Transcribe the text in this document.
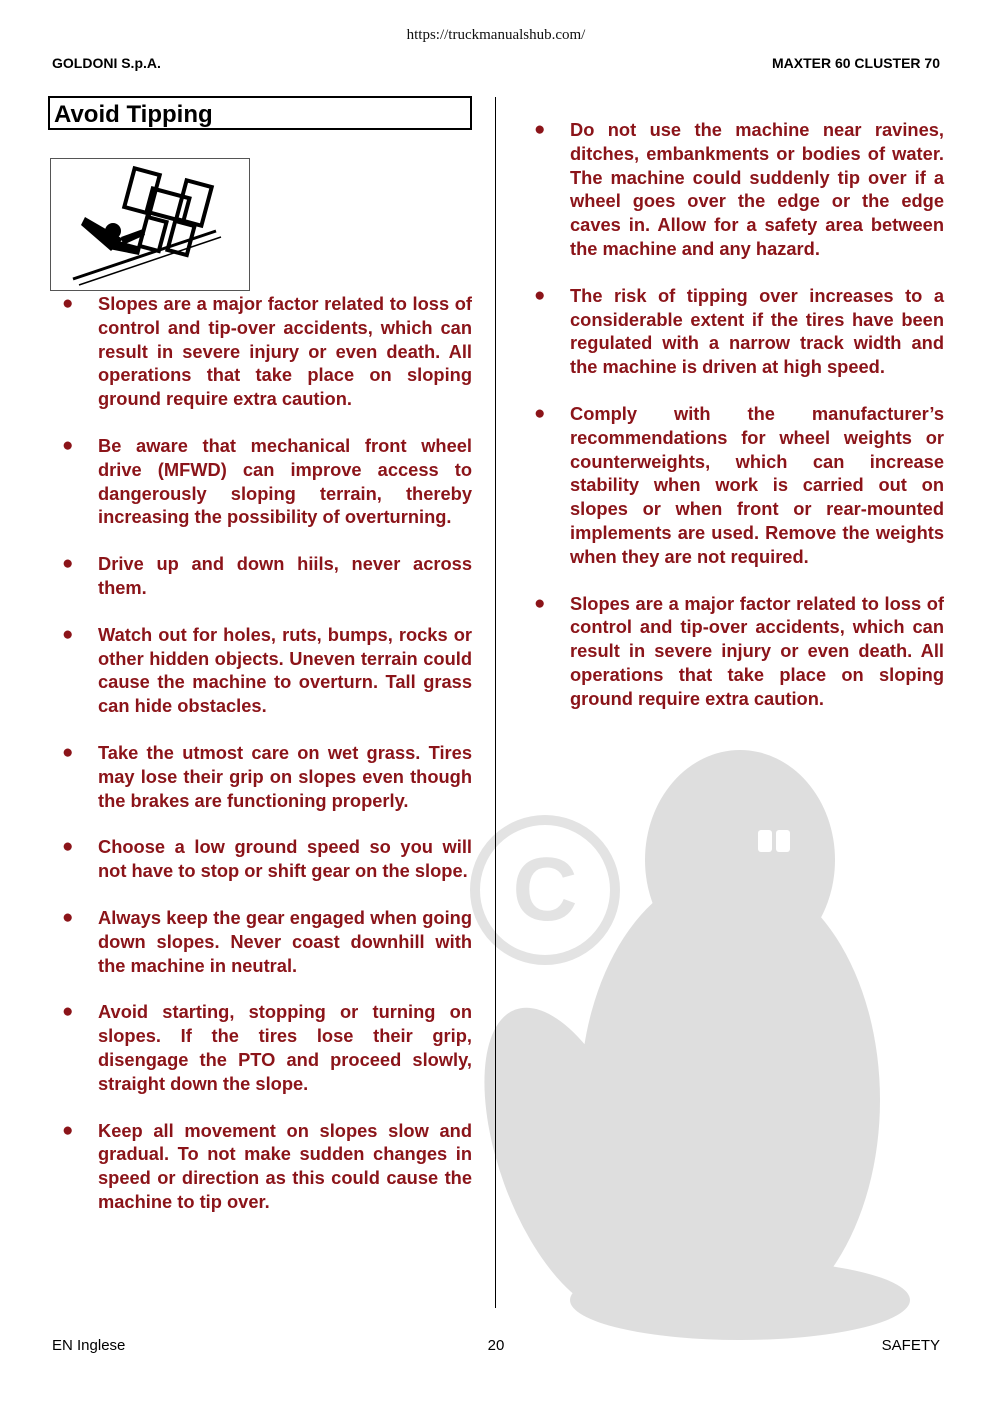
https://truckmanualshub.com/
GOLDONI S.p.A.	MAXTER 60 CLUSTER 70
C
Avoid Tipping
●	Slopes are a major factor related to loss of control and tip-over accidents, which can result in severe injury or even death. All operations that take place on sloping ground require extra caution.
●	Be aware that mechanical front wheel drive (MFWD) can improve access to dangerously sloping terrain, thereby increasing the possibility of overturning.
●	Drive up and down hiils, never across them.
●	Watch out for holes, ruts, bumps, rocks or other hidden objects. Uneven terrain could cause the machine to overturn. Tall grass can hide obstacles.
●	Take the utmost care on wet grass. Tires may lose their grip on slopes even though the brakes are functioning properly.
●	Choose a low ground speed so you will not have to stop or shift gear on the slope.
●	Always keep the gear engaged when going down slopes. Never coast downhill with the machine in neutral.
●	Avoid starting, stopping or turning on slopes. If the tires lose their grip, disengage the PTO and proceed slowly, straight down the slope.
●	Keep all movement on slopes slow and gradual. To not make sudden changes in speed or direction as this could cause the machine to tip over.
●	Do not use the machine near ravines, ditches, embankments or bodies of water. The machine could suddenly tip over if a wheel goes over the edge or the edge caves in. Allow for a safety area between the machine and any hazard.
●	The risk of tipping over increases to a considerable extent if the tires have been regulated with a narrow track width and the machine is driven at high speed.
●	Comply with the manufacturer’s recommendations for wheel weights or counterweights, which can increase stability when work is carried out on slopes or when front or rear-mounted implements are used. Remove the weights when they are not required.
●	Slopes are a major factor related to loss of control and tip-over accidents, which can result in severe injury or even death. All operations that take place on sloping ground require extra caution.
EN Inglese	20	SAFETY
